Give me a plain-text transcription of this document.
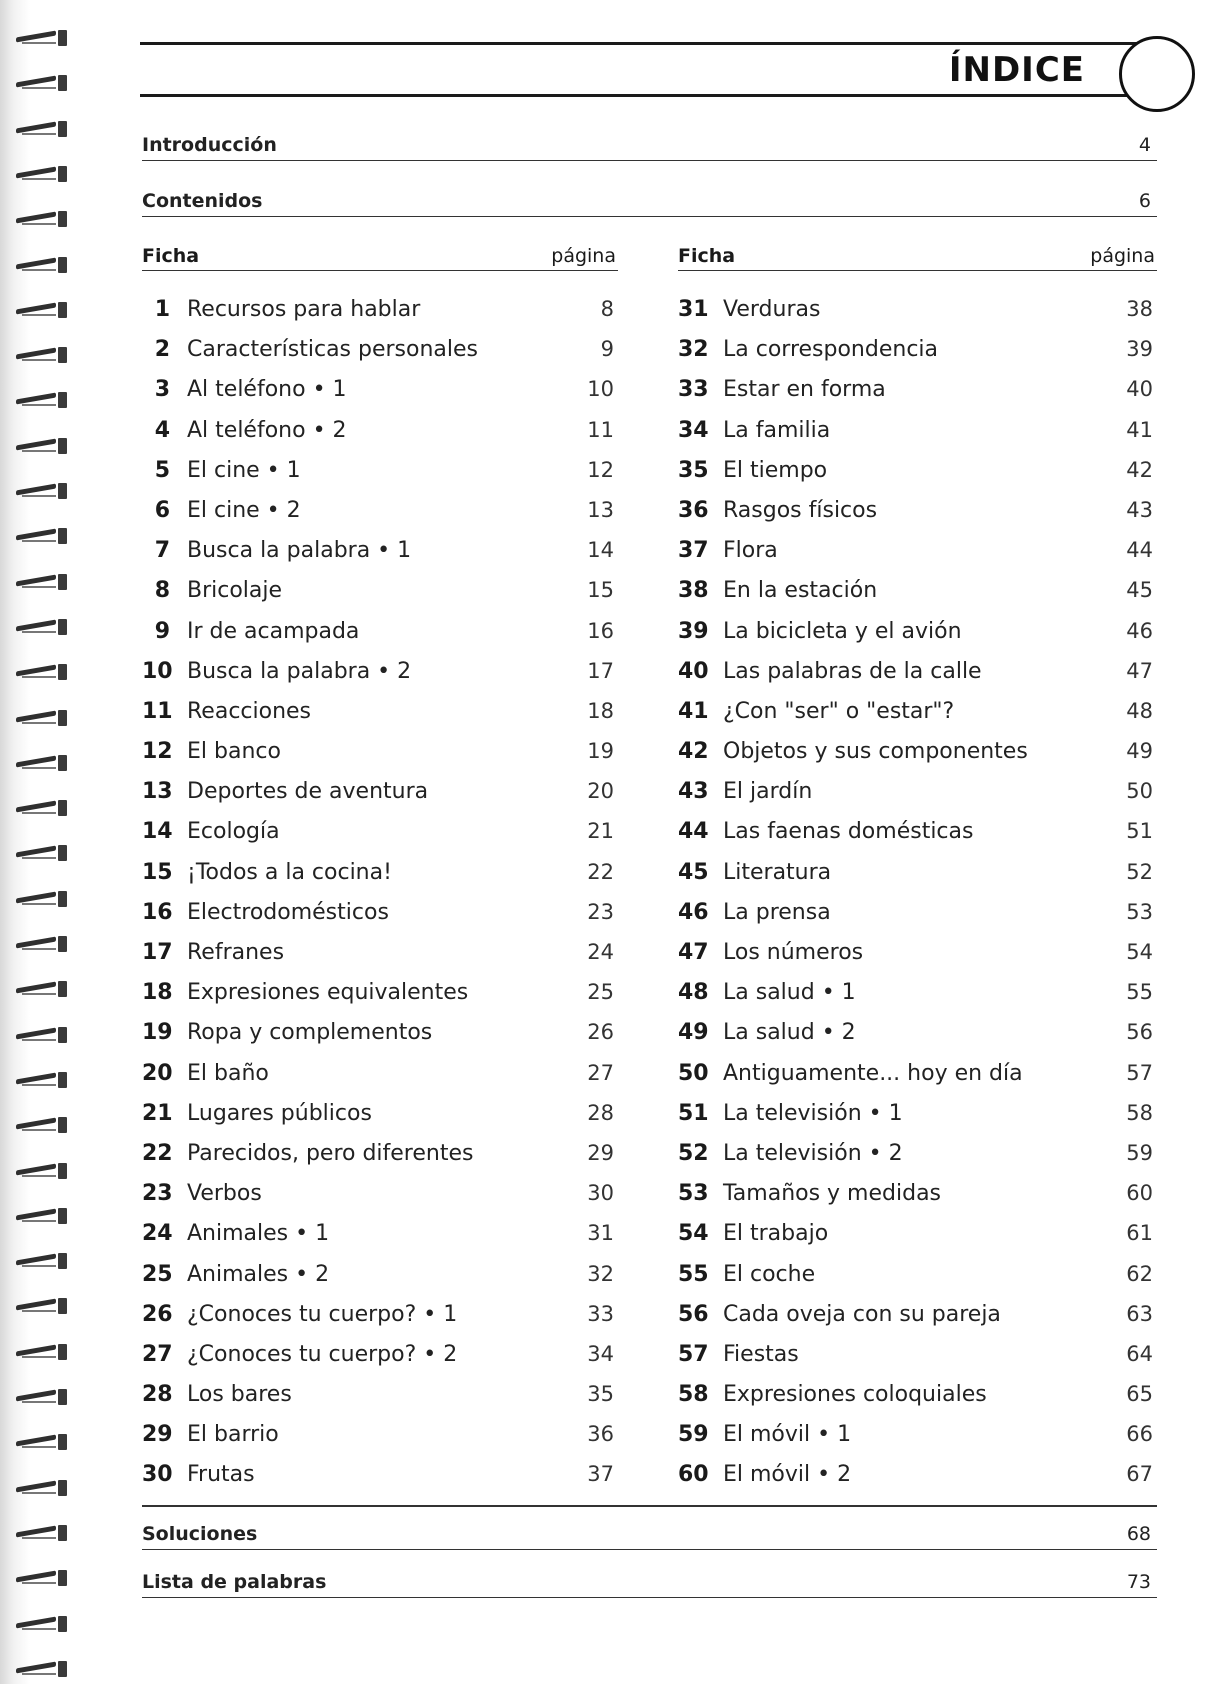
ÍNDICE
Introducción	4
Contenidos	6
Ficha	página
1 Recursos para hablar	8
2 Características personales	9
3 Al teléfono • 1	10
4 Al teléfono • 2	11
5 El cine • 1	12
6 El cine • 2	13
7 Busca la palabra • 1	14
8 Bricolaje	15
9 Ir de acampada	16
10 Busca la palabra • 2	17
11 Reacciones	18
12 El banco	19
13 Deportes de aventura	20
14 Ecología	21
15 ¡Todos a la cocina!	22
16 Electrodomésticos	23
17 Refranes	24
18 Expresiones equivalentes	25
19 Ropa y complementos	26
20 El baño	27
21 Lugares públicos	28
22 Parecidos, pero diferentes	29
23 Verbos	30
24 Animales • 1	31
25 Animales • 2	32
26 ¿Conoces tu cuerpo? • 1	33
27 ¿Conoces tu cuerpo? • 2	34
28 Los bares	35
29 El barrio	36
30 Frutas	37
Ficha	página
31 Verduras	38
32 La correspondencia	39
33 Estar en forma	40
34 La familia	41
35 El tiempo	42
36 Rasgos físicos	43
37 Flora	44
38 En la estación	45
39 La bicicleta y el avión	46
40 Las palabras de la calle	47
41 ¿Con "ser" o "estar"?	48
42 Objetos y sus componentes	49
43 El jardín	50
44 Las faenas domésticas	51
45 Literatura	52
46 La prensa	53
47 Los números	54
48 La salud • 1	55
49 La salud • 2	56
50 Antiguamente... hoy en día	57
51 La televisión • 1	58
52 La televisión • 2	59
53 Tamaños y medidas	60
54 El trabajo	61
55 El coche	62
56 Cada oveja con su pareja	63
57 Fiestas	64
58 Expresiones coloquiales	65
59 El móvil • 1	66
60 El móvil • 2	67
Soluciones	68
Lista de palabras	73
